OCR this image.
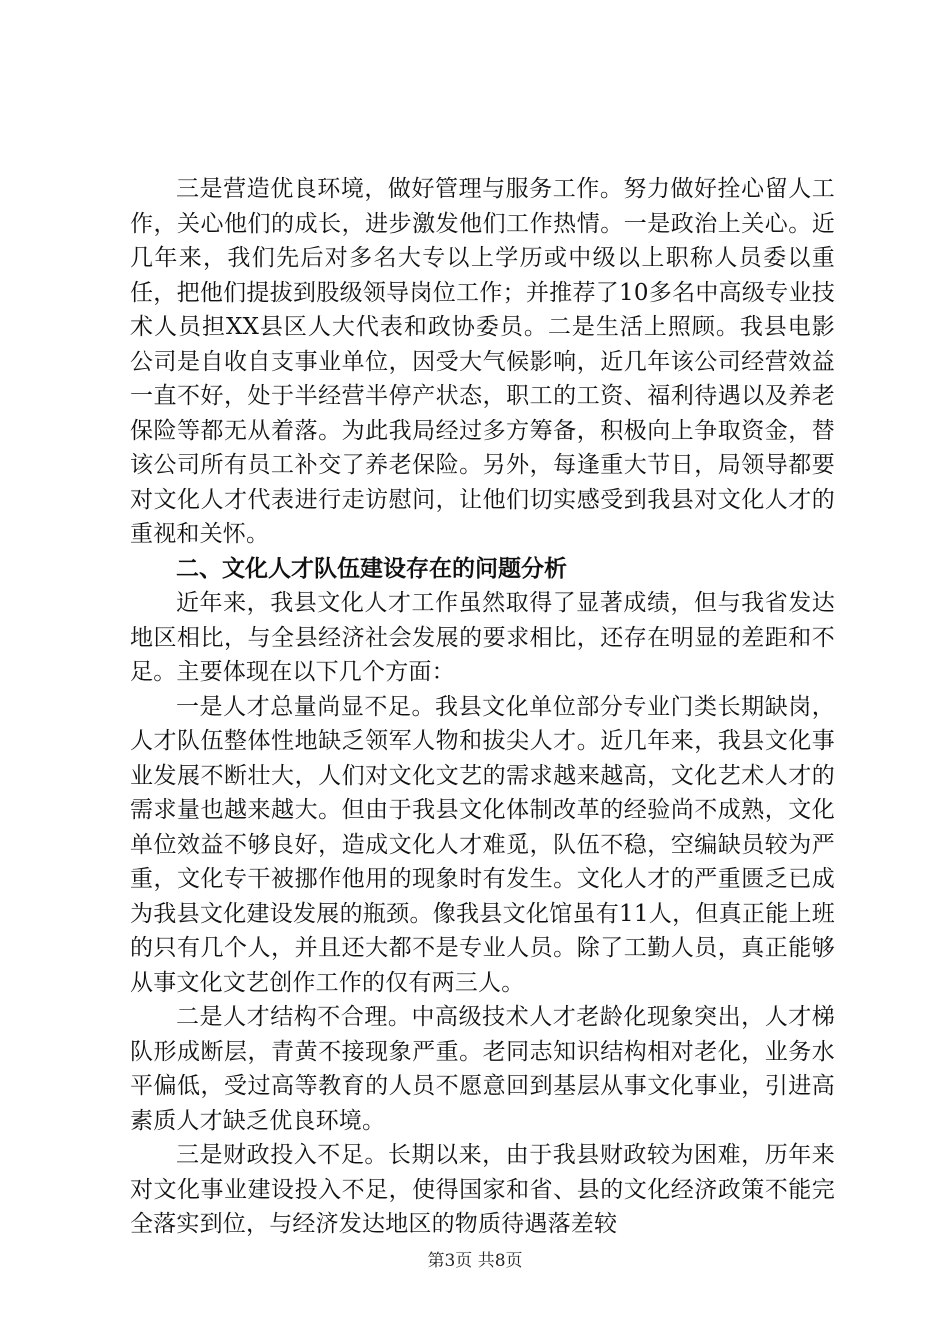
三是营造优良环境，做好管理与服务工作。努力做好拴心留人工作，关心他们的成长，进步激发他们工作热情。一是政治上关心。近几年来，我们先后对多名大专以上学历或中级以上职称人员委以重任，把他们提拔到股级领导岗位工作；并推荐了10多名中高级专业技术人员担XX县区人大代表和政协委员。二是生活上照顾。我县电影公司是自收自支事业单位，因受大气候影响，近几年该公司经营效益一直不好，处于半经营半停产状态，职工的工资、福利待遇以及养老保险等都无从着落。为此我局经过多方筹备，积极向上争取资金，替该公司所有员工补交了养老保险。另外，每逢重大节日，局领导都要对文化人才代表进行走访慰问，让他们切实感受到我县对文化人才的重视和关怀。

二、文化人才队伍建设存在的问题分析

近年来，我县文化人才工作虽然取得了显著成绩，但与我省发达地区相比，与全县经济社会发展的要求相比，还存在明显的差距和不足。主要体现在以下几个方面：

一是人才总量尚显不足。我县文化单位部分专业门类长期缺岗，人才队伍整体性地缺乏领军人物和拔尖人才。近几年来，我县文化事业发展不断壮大，人们对文化文艺的需求越来越高，文化艺术人才的需求量也越来越大。但由于我县文化体制改革的经验尚不成熟，文化单位效益不够良好，造成文化人才难觅，队伍不稳，空编缺员较为严重，文化专干被挪作他用的现象时有发生。文化人才的严重匮乏已成为我县文化建设发展的瓶颈。像我县文化馆虽有11人，但真正能上班的只有几个人，并且还大都不是专业人员。除了工勤人员，真正能够从事文化文艺创作工作的仅有两三人。

二是人才结构不合理。中高级技术人才老龄化现象突出，人才梯队形成断层，青黄不接现象严重。老同志知识结构相对老化，业务水平偏低，受过高等教育的人员不愿意回到基层从事文化事业，引进高素质人才缺乏优良环境。

三是财政投入不足。长期以来，由于我县财政较为困难，历年来对文化事业建设投入不足，使得国家和省、县的文化经济政策不能完全落实到位，与经济发达地区的物质待遇落差较

第3页 共8页
